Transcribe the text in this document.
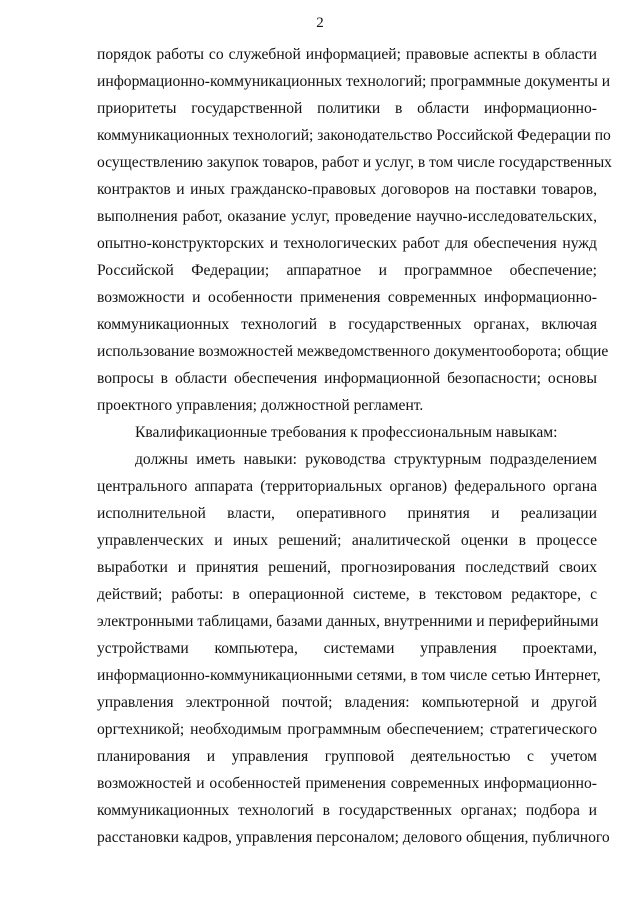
2
порядок работы со служебной информацией; правовые аспекты в области
информационно-коммуникационных технологий; программные документы и
приоритеты государственной политики в области информационно-
коммуникационных технологий; законодательство Российской Федерации по
осуществлению закупок товаров, работ и услуг, в том числе государственных
контрактов и иных гражданско-правовых договоров на поставки товаров,
выполнения работ, оказание услуг, проведение научно-исследовательских,
опытно-конструкторских и технологических работ для обеспечения нужд
Российской Федерации; аппаратное и программное обеспечение;
возможности и особенности применения современных информационно-
коммуникационных технологий в государственных органах, включая
использование возможностей межведомственного документооборота; общие
вопросы в области обеспечения информационной безопасности; основы
проектного управления; должностной регламент.
Квалификационные требования к профессиональным навыкам:
должны иметь навыки: руководства структурным подразделением
центрального аппарата (территориальных органов) федерального органа
исполнительной власти, оперативного принятия и реализации
управленческих и иных решений; аналитической оценки в процессе
выработки и принятия решений, прогнозирования последствий своих
действий; работы: в операционной системе, в текстовом редакторе, с
электронными таблицами, базами данных, внутренними и периферийными
устройствами компьютера, системами управления проектами,
информационно-коммуникационными сетями, в том числе сетью Интернет,
управления электронной почтой; владения: компьютерной и другой
оргтехникой; необходимым программным обеспечением; стратегического
планирования и управления групповой деятельностью с учетом
возможностей и особенностей применения современных информационно-
коммуникационных технологий в государственных органах; подбора и
расстановки кадров, управления персоналом; делового общения, публичного
